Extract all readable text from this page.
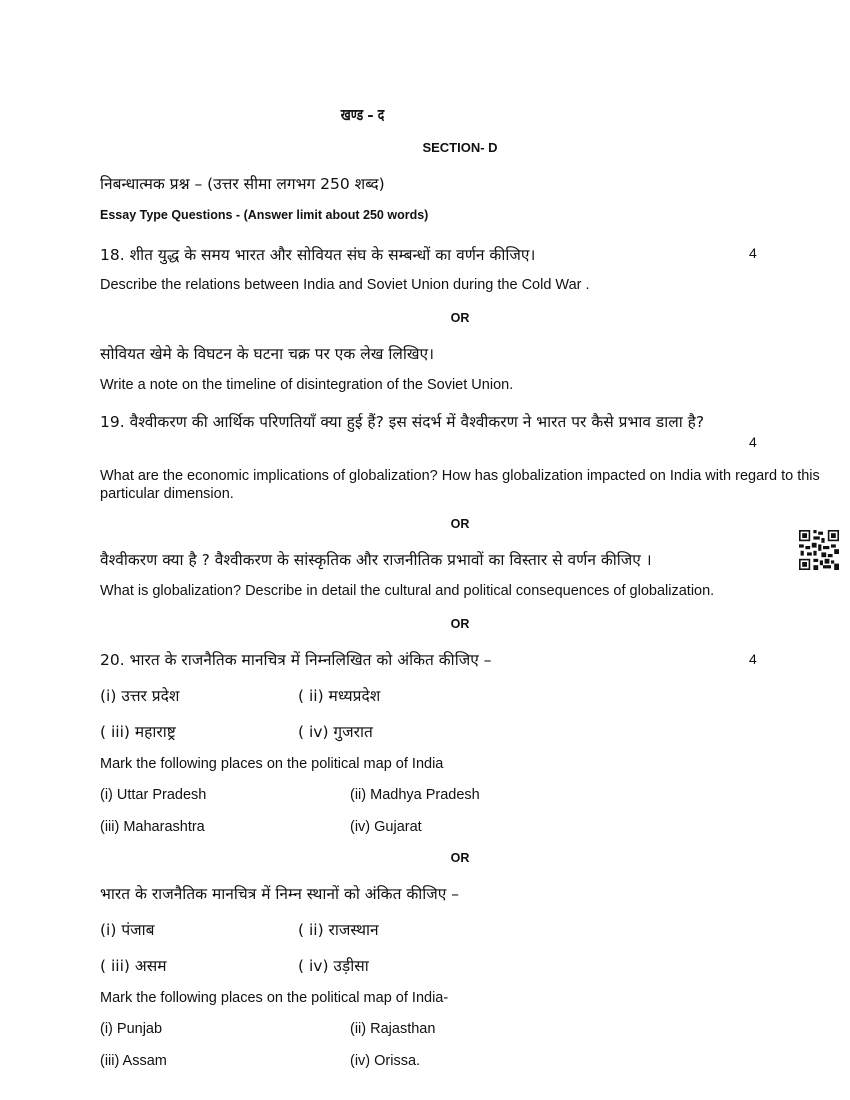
खण्ड – द
SECTION- D
निबन्धात्मक प्रश्न – (उत्तर सीमा लगभग 250 शब्द)
Essay Type Questions - (Answer limit about 250 words)
18. शीत युद्ध के समय भारत और सोवियत संघ के सम्बन्धों का वर्णन कीजिए।	4
Describe the relations between India and Soviet Union during the Cold War .
OR
सोवियत खेमे के विघटन के घटना चक्र पर एक लेख लिखिए।
Write a note on the timeline of disintegration of the Soviet Union.
19. वैश्वीकरण की आर्थिक परिणतियाँ क्या हुई हैं? इस संदर्भ में वैश्वीकरण ने भारत पर कैसे प्रभाव डाला है?
4
What are the economic implications of globalization? How has globalization impacted on India with regard to this particular dimension.
OR
वैश्वीकरण क्या है ? वैश्वीकरण के सांस्कृतिक और राजनीतिक प्रभावों का विस्तार से वर्णन कीजिए ।
What is globalization? Describe in detail the cultural and political consequences of globalization.
OR
20. भारत के राजनैतिक मानचित्र में निम्नलिखित को अंकित कीजिए –	4
(i) उत्तर प्रदेश	( ii) मध्यप्रदेश
( iii) महाराष्ट्र	( iv) गुजरात
Mark the following places on the political map of India
(i) Uttar Pradesh	(ii) Madhya Pradesh
(iii) Maharashtra	(iv) Gujarat
OR
भारत के राजनैतिक मानचित्र में निम्न स्थानों को अंकित कीजिए –
(i) पंजाब	( ii) राजस्थान
( iii) असम	( iv) उड़ीसा
Mark the following places on the political map of India-
(i) Punjab	(ii) Rajasthan
(iii) Assam	(iv) Orissa.
